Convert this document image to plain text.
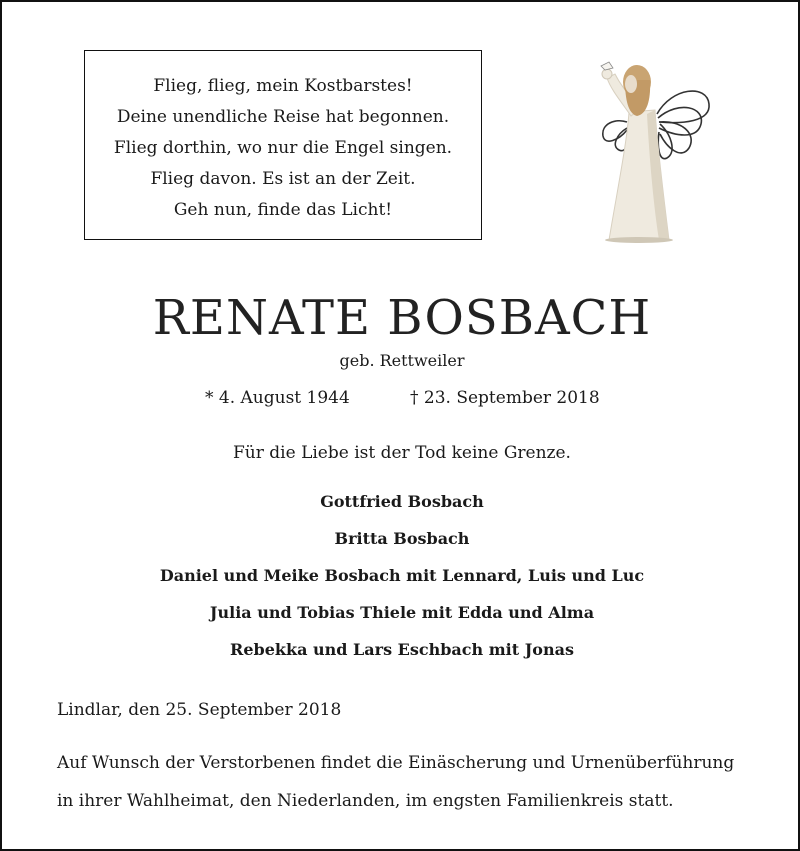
Flieg, flieg, mein Kostbarstes!
Deine unendliche Reise hat begonnen.
Flieg dorthin, wo nur die Engel singen.
Flieg davon. Es ist an der Zeit.
Geh nun, finde das Licht!
RENATE BOSBACH
geb. Rettweiler
* 4. August 1944	† 23. September 2018
Für die Liebe ist der Tod keine Grenze.
Gottfried Bosbach
Britta Bosbach
Daniel und Meike Bosbach mit Lennard, Luis und Luc
Julia und Tobias Thiele mit Edda und Alma
Rebekka und Lars Eschbach mit Jonas
Lindlar, den 25. September 2018
Auf Wunsch der Verstorbenen findet die Einäscherung und Urnenüberführung
in ihrer Wahlheimat, den Niederlanden, im engsten Familienkreis statt.
